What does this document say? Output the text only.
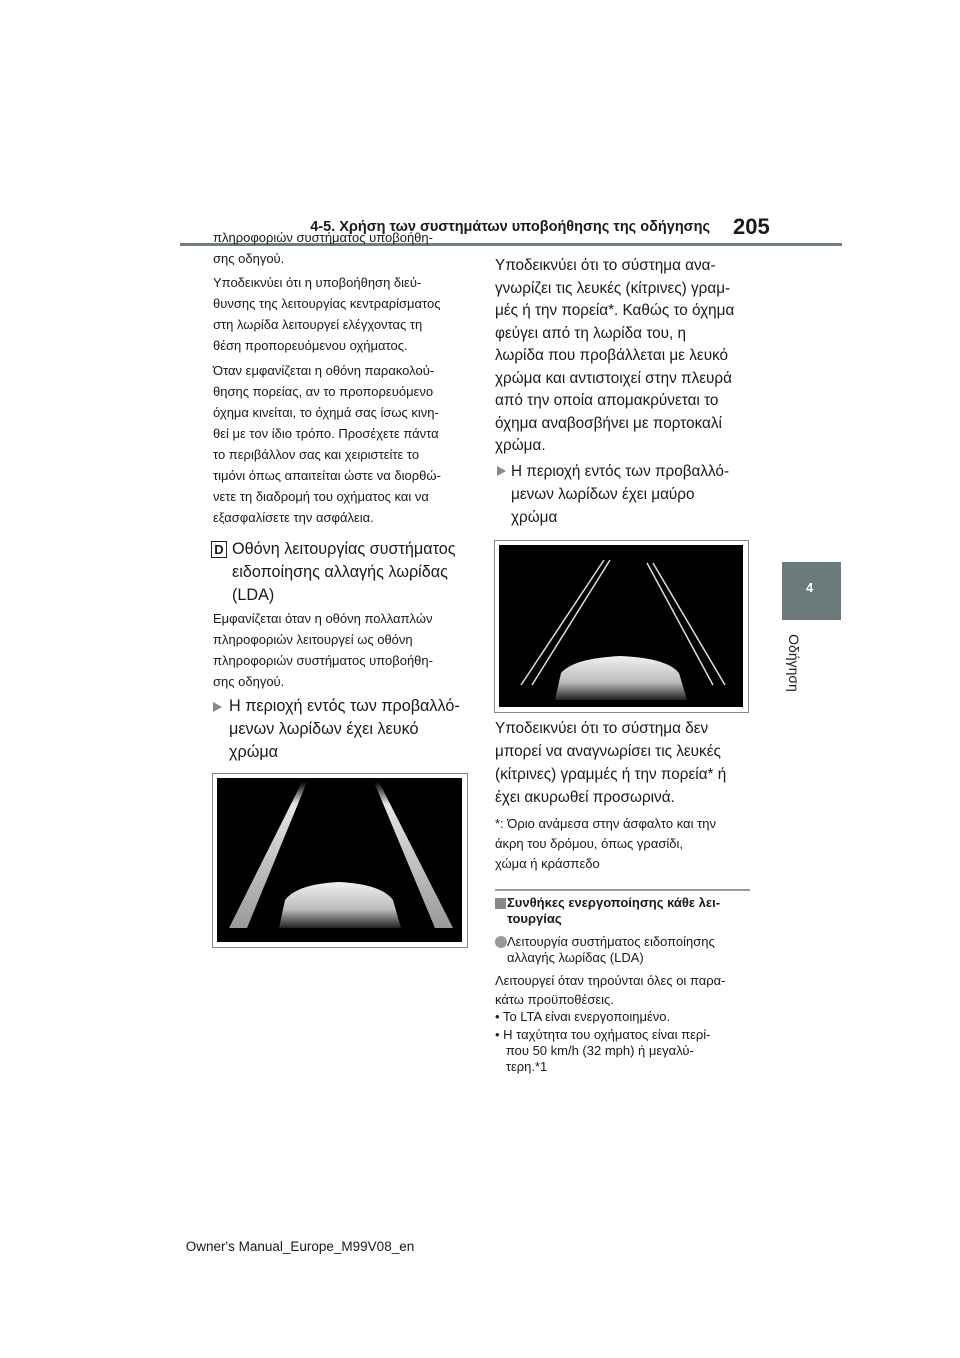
4-5. Χρήση των συστημάτων υποβοήθησης της οδήγησης 205
4
Οδήγηση
πληροφοριών συστήματος υποβοήθη-
σης οδηγού.
Υποδεικνύει ότι η υποβοήθηση διεύ-
θυνσης της λειτουργίας κεντραρίσματος
στη λωρίδα λειτουργεί ελέγχοντας τη
θέση προπορευόμενου οχήματος.
Όταν εμφανίζεται η οθόνη παρακολού-
θησης πορείας, αν το προπορευόμενο
όχημα κινείται, το όχημά σας ίσως κινη-
θεί με τον ίδιο τρόπο. Προσέχετε πάντα
το περιβάλλον σας και χειριστείτε το
τιμόνι όπως απαιτείται ώστε να διορθώ-
νετε τη διαδρομή του οχήματος και να
εξασφαλίσετε την ασφάλεια.
D Οθόνη λειτουργίας συστήματος
ειδοποίησης αλλαγής λωρίδας
(LDA)
Εμφανίζεται όταν η οθόνη πολλαπλών
πληροφοριών λειτουργεί ως οθόνη
πληροφοριών συστήματος υποβοήθη-
σης οδηγού.
Η περιοχή εντός των προβαλλό-
μενων λωρίδων έχει λευκό
χρώμα
Υποδεικνύει ότι το σύστημα ανα-
γνωρίζει τις λευκές (κίτρινες) γραμ-
μές ή την πορεία*. Καθώς το όχημα
φεύγει από τη λωρίδα του, η
λωρίδα που προβάλλεται με λευκό
χρώμα και αντιστοιχεί στην πλευρά
από την οποία απομακρύνεται το
όχημα αναβοσβήνει με πορτοκαλί
χρώμα.
Η περιοχή εντός των προβαλλό-
μενων λωρίδων έχει μαύρο
χρώμα
Υποδεικνύει ότι το σύστημα δεν
μπορεί να αναγνωρίσει τις λευκές
(κίτρινες) γραμμές ή την πορεία* ή
έχει ακυρωθεί προσωρινά.
*: Όριο ανάμεσα στην άσφαλτο και την
άκρη του δρόμου, όπως γρασίδι,
χώμα ή κράσπεδο
Συνθήκες ενεργοποίησης κάθε λει-
τουργίας
Λειτουργία συστήματος ειδοποίησης
αλλαγής λωρίδας (LDA)
Λειτουργεί όταν τηρούνται όλες οι παρα-
κάτω προϋποθέσεις.
• Το LTA είναι ενεργοποιημένο.
• Η ταχύτητα του οχήματος είναι περί-
που 50 km/h (32 mph) ή μεγαλύ-
τερη.*1
Owner's Manual_Europe_M99V08_en
